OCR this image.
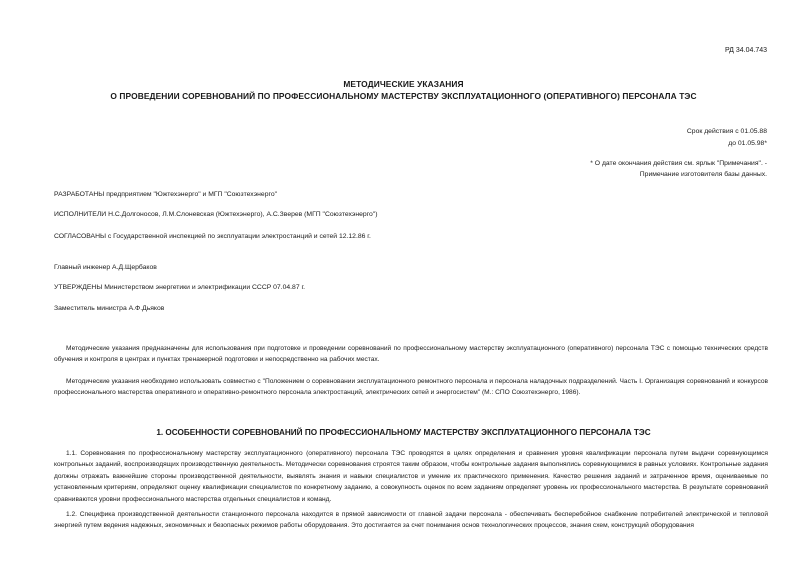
РД 34.04.743
МЕТОДИЧЕСКИЕ УКАЗАНИЯ
О ПРОВЕДЕНИИ СОРЕВНОВАНИЙ ПО ПРОФЕССИОНАЛЬНОМУ МАСТЕРСТВУ ЭКСПЛУАТАЦИОННОГО (ОПЕРАТИВНОГО) ПЕРСОНАЛА ТЭС
Срок действия с 01.05.88
до 01.05.98*
* О дате окончания действия см. ярлык "Примечания". -
Примечание изготовителя базы данных.
РАЗРАБОТАНЫ предприятием "Южтехэнерго" и МГП "Союзтехэнерго"
ИСПОЛНИТЕЛИ Н.С.Долгоносов, Л.М.Слоневская (Южтехэнерго), А.С.Зверев (МГП "Союзтехэнерго")
СОГЛАСОВАНЫ с Государственной инспекцией по эксплуатации электростанций и сетей 12.12.86 г.
Главный инженер А.Д.Щербаков
УТВЕРЖДЕНЫ Министерством энергетики и электрификации СССР 07.04.87 г.
Заместитель министра А.Ф.Дьяков
Методические указания предназначены для использования при подготовке и проведении соревнований по профессиональному мастерству эксплуатационного (оперативного) персонала ТЭС с помощью технических средств обучения и контроля в центрах и пунктах тренажерной подготовки и непосредственно на рабочих местах.
Методические указания необходимо использовать совместно с "Положением о соревновании эксплуатационного ремонтного персонала и персонала наладочных подразделений. Часть I. Организация соревнований и конкурсов профессионального мастерства оперативного и оперативно-ремонтного персонала электростанций, электрических сетей и энергосистем" (М.: СПО Союзтехэнерго, 1986).
1. ОСОБЕННОСТИ СОРЕВНОВАНИЙ ПО ПРОФЕССИОНАЛЬНОМУ МАСТЕРСТВУ ЭКСПЛУАТАЦИОННОГО ПЕРСОНАЛА ТЭС
1.1. Соревнования по профессиональному мастерству эксплуатационного (оперативного) персонала ТЭС проводятся в целях определения и сравнения уровня квалификации персонала путем выдачи соревнующимся контрольных заданий, воспроизводящих производственную деятельность. Методически соревнования строятся таким образом, чтобы контрольные задания выполнялись соревнующимися в равных условиях. Контрольные задания должны отражать важнейшие стороны производственной деятельности, выявлять знания и навыки специалистов и умение их практического применения. Качество решения заданий и затраченное время, оцениваемые по установленным критериям, определяют оценку квалификации специалистов по конкретному заданию, а совокупность оценок по всем заданиям определяет уровень их профессионального мастерства. В результате соревнований сравниваются уровни профессионального мастерства отдельных специалистов и команд.
1.2. Специфика производственной деятельности станционного персонала находится в прямой зависимости от главной задачи персонала - обеспечивать бесперебойное снабжение потребителей электрической и тепловой энергией путем ведения надежных, экономичных и безопасных режимов работы оборудования. Это достигается за счет понимания основ технологических процессов, знания схем, конструкций оборудования
